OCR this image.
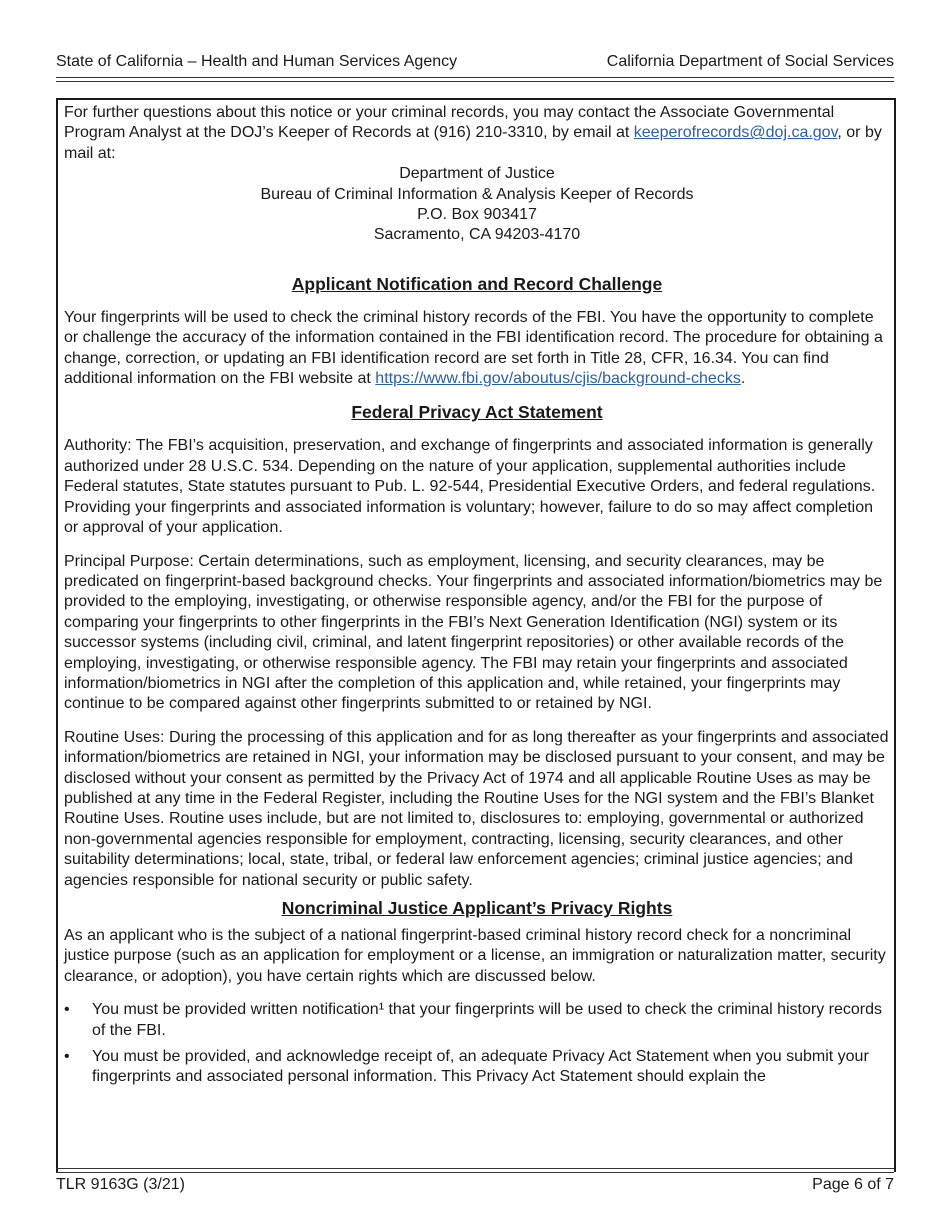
State of California – Health and Human Services Agency	California Department of Social Services

For further questions about this notice or your criminal records, you may contact the Associate Governmental Program Analyst at the DOJ’s Keeper of Records at (916) 210-3310, by email at keeperofrecords@doj.ca.gov, or by mail at:

Department of Justice
Bureau of Criminal Information & Analysis Keeper of Records
P.O. Box 903417
Sacramento, CA 94203-4170
Applicant Notification and Record Challenge

Your fingerprints will be used to check the criminal history records of the FBI. You have the opportunity to complete or challenge the accuracy of the information contained in the FBI identification record. The procedure for obtaining a change, correction, or updating an FBI identification record are set forth in Title 28, CFR, 16.34. You can find additional information on the FBI website at https://www.fbi.gov/aboutus/cjis/background-checks.

Federal Privacy Act Statement

Authority: The FBI’s acquisition, preservation, and exchange of fingerprints and associated information is generally authorized under 28 U.S.C. 534. Depending on the nature of your application, supplemental authorities include Federal statutes, State statutes pursuant to Pub. L. 92-544, Presidential Executive Orders, and federal regulations. Providing your fingerprints and associated information is voluntary; however, failure to do so may affect completion or approval of your application.

Principal Purpose: Certain determinations, such as employment, licensing, and security clearances, may be predicated on fingerprint-based background checks. Your fingerprints and associated information/biometrics may be provided to the employing, investigating, or otherwise responsible agency, and/or the FBI for the purpose of comparing your fingerprints to other fingerprints in the FBI’s Next Generation Identification (NGI) system or its successor systems (including civil, criminal, and latent fingerprint repositories) or other available records of the employing, investigating, or otherwise responsible agency. The FBI may retain your fingerprints and associated information/biometrics in NGI after the completion of this application and, while retained, your fingerprints may continue to be compared against other fingerprints submitted to or retained by NGI.

Routine Uses: During the processing of this application and for as long thereafter as your fingerprints and associated information/biometrics are retained in NGI, your information may be disclosed pursuant to your consent, and may be disclosed without your consent as permitted by the Privacy Act of 1974 and all applicable Routine Uses as may be published at any time in the Federal Register, including the Routine Uses for the NGI system and the FBI’s Blanket Routine Uses. Routine uses include, but are not limited to, disclosures to: employing, governmental or authorized non-governmental agencies responsible for employment, contracting, licensing, security clearances, and other suitability determinations; local, state, tribal, or federal law enforcement agencies; criminal justice agencies; and agencies responsible for national security or public safety.

Noncriminal Justice Applicant’s Privacy Rights

As an applicant who is the subject of a national fingerprint-based criminal history record check for a noncriminal justice purpose (such as an application for employment or a license, an immigration or naturalization matter, security clearance, or adoption), you have certain rights which are discussed below.

• You must be provided written notification¹ that your fingerprints will be used to check the criminal history records of the FBI.
• You must be provided, and acknowledge receipt of, an adequate Privacy Act Statement when you submit your fingerprints and associated personal information. This Privacy Act Statement should explain the
TLR 9163G (3/21)	Page 6 of 7
